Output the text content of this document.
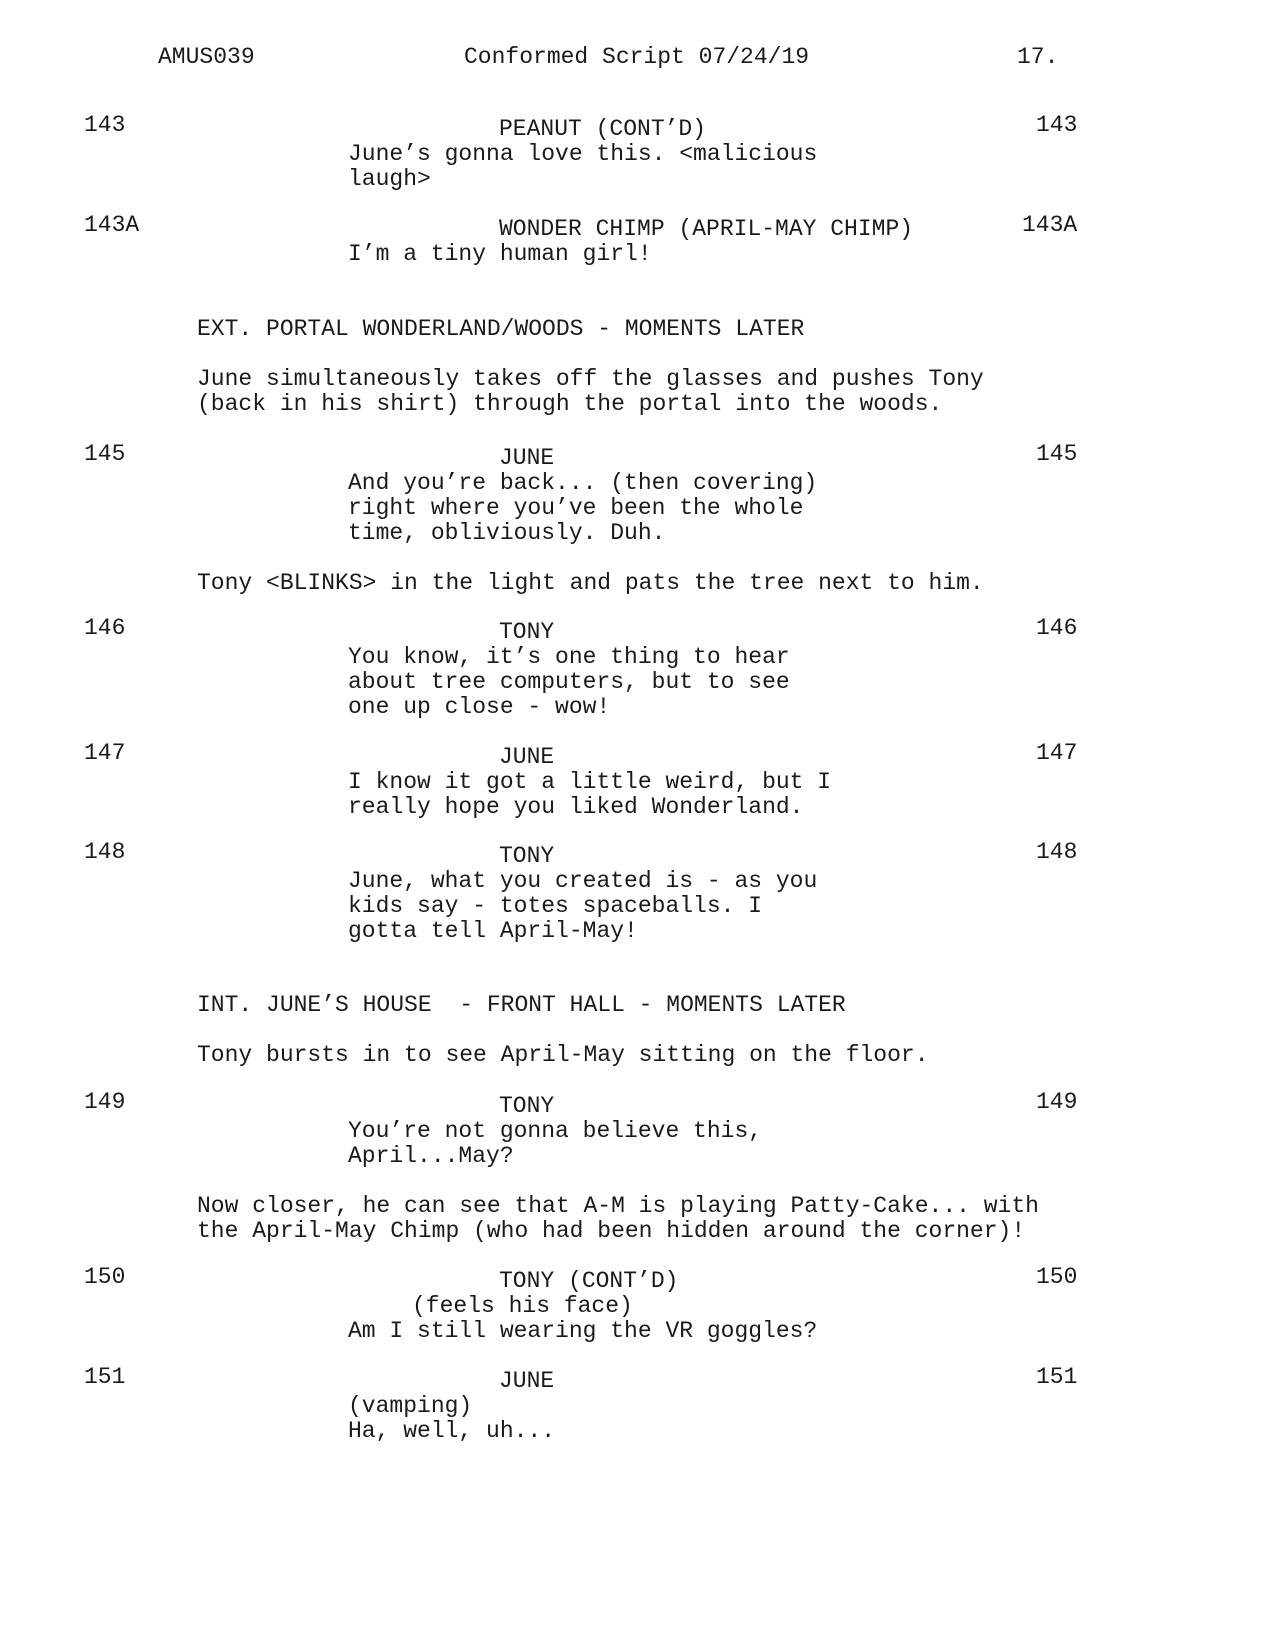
AMUS039	Conformed Script 07/24/19	17.
143	PEANUT (CONT’D)	143
June’s gonna love this. <malicious
laugh>
143A	WONDER CHIMP (APRIL-MAY CHIMP)	143A
I’m a tiny human girl!
EXT. PORTAL WONDERLAND/WOODS - MOMENTS LATER
June simultaneously takes off the glasses and pushes Tony
(back in his shirt) through the portal into the woods.
145	JUNE	145
And you’re back... (then covering)
right where you’ve been the whole
time, obliviously. Duh.
Tony <BLINKS> in the light and pats the tree next to him.
146	TONY	146
You know, it’s one thing to hear
about tree computers, but to see
one up close - wow!
147	JUNE	147
I know it got a little weird, but I
really hope you liked Wonderland.
148	TONY	148
June, what you created is - as you
kids say - totes spaceballs. I
gotta tell April-May!
INT. JUNE’S HOUSE  - FRONT HALL - MOMENTS LATER
Tony bursts in to see April-May sitting on the floor.
149	TONY	149
You’re not gonna believe this,
April...May?
Now closer, he can see that A-M is playing Patty-Cake... with
the April-May Chimp (who had been hidden around the corner)!
150	TONY (CONT’D)	150
(feels his face)
Am I still wearing the VR goggles?
151	JUNE	151
(vamping)
Ha, well, uh...
